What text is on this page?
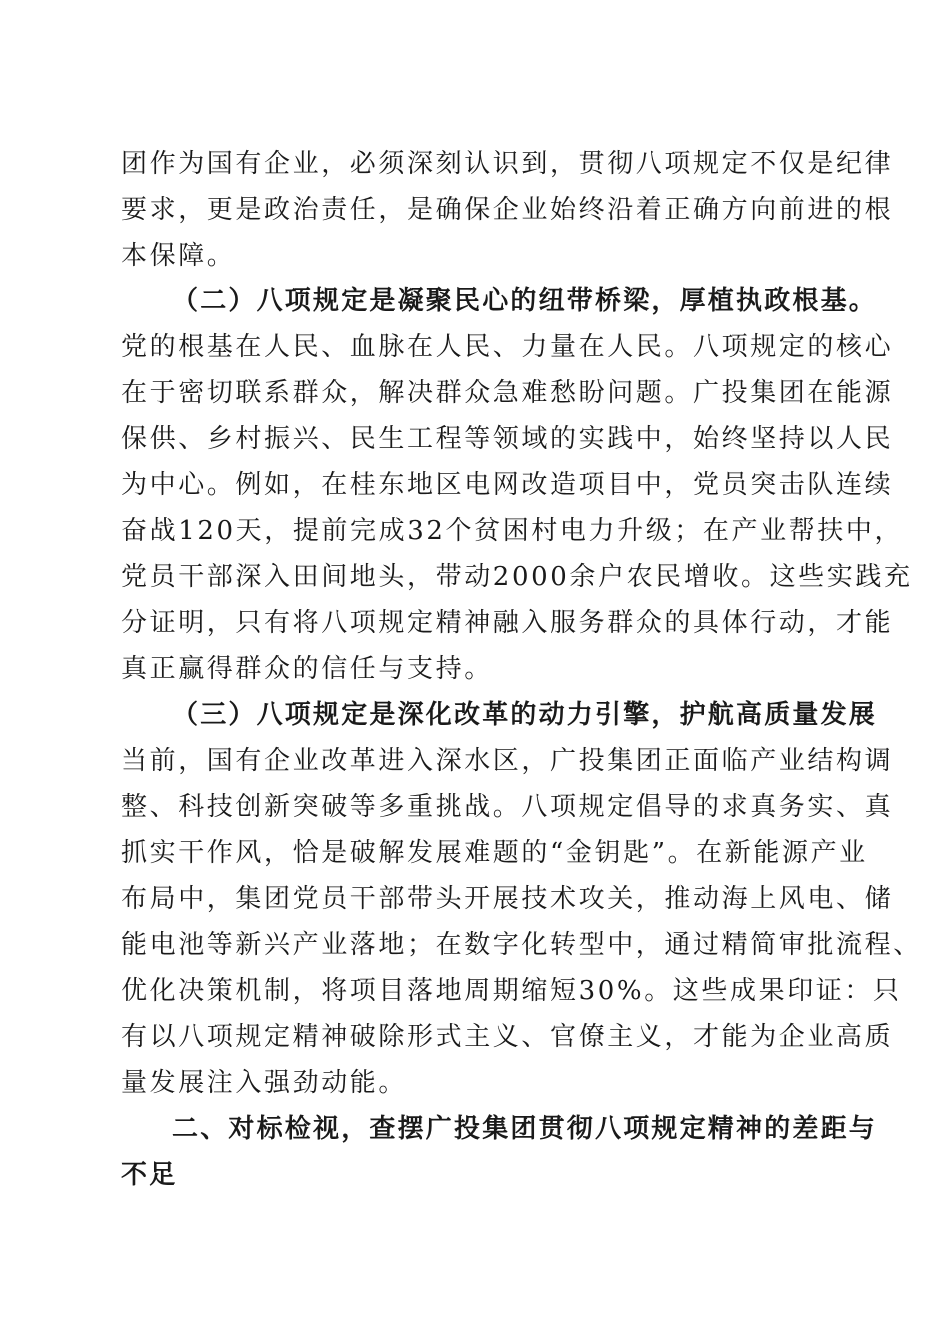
团作为国有企业，必须深刻认识到，贯彻八项规定不仅是纪律
要求，更是政治责任，是确保企业始终沿着正确方向前进的根
本保障。
（二）八项规定是凝聚民心的纽带桥梁，厚植执政根基。
党的根基在人民、血脉在人民、力量在人民。八项规定的核心
在于密切联系群众，解决群众急难愁盼问题。广投集团在能源
保供、乡村振兴、民生工程等领域的实践中，始终坚持以人民
为中心。例如，在桂东地区电网改造项目中，党员突击队连续
奋战120天，提前完成32个贫困村电力升级；在产业帮扶中，
党员干部深入田间地头，带动2000余户农民增收。这些实践充
分证明，只有将八项规定精神融入服务群众的具体行动，才能
真正赢得群众的信任与支持。
（三）八项规定是深化改革的动力引擎，护航高质量发展
当前，国有企业改革进入深水区，广投集团正面临产业结构调
整、科技创新突破等多重挑战。八项规定倡导的求真务实、真
抓实干作风，恰是破解发展难题的“金钥匙”。在新能源产业
布局中，集团党员干部带头开展技术攻关，推动海上风电、储
能电池等新兴产业落地；在数字化转型中，通过精简审批流程、
优化决策机制，将项目落地周期缩短30%。这些成果印证：只
有以八项规定精神破除形式主义、官僚主义，才能为企业高质
量发展注入强劲动能。
二、对标检视，查摆广投集团贯彻八项规定精神的差距与
不足
